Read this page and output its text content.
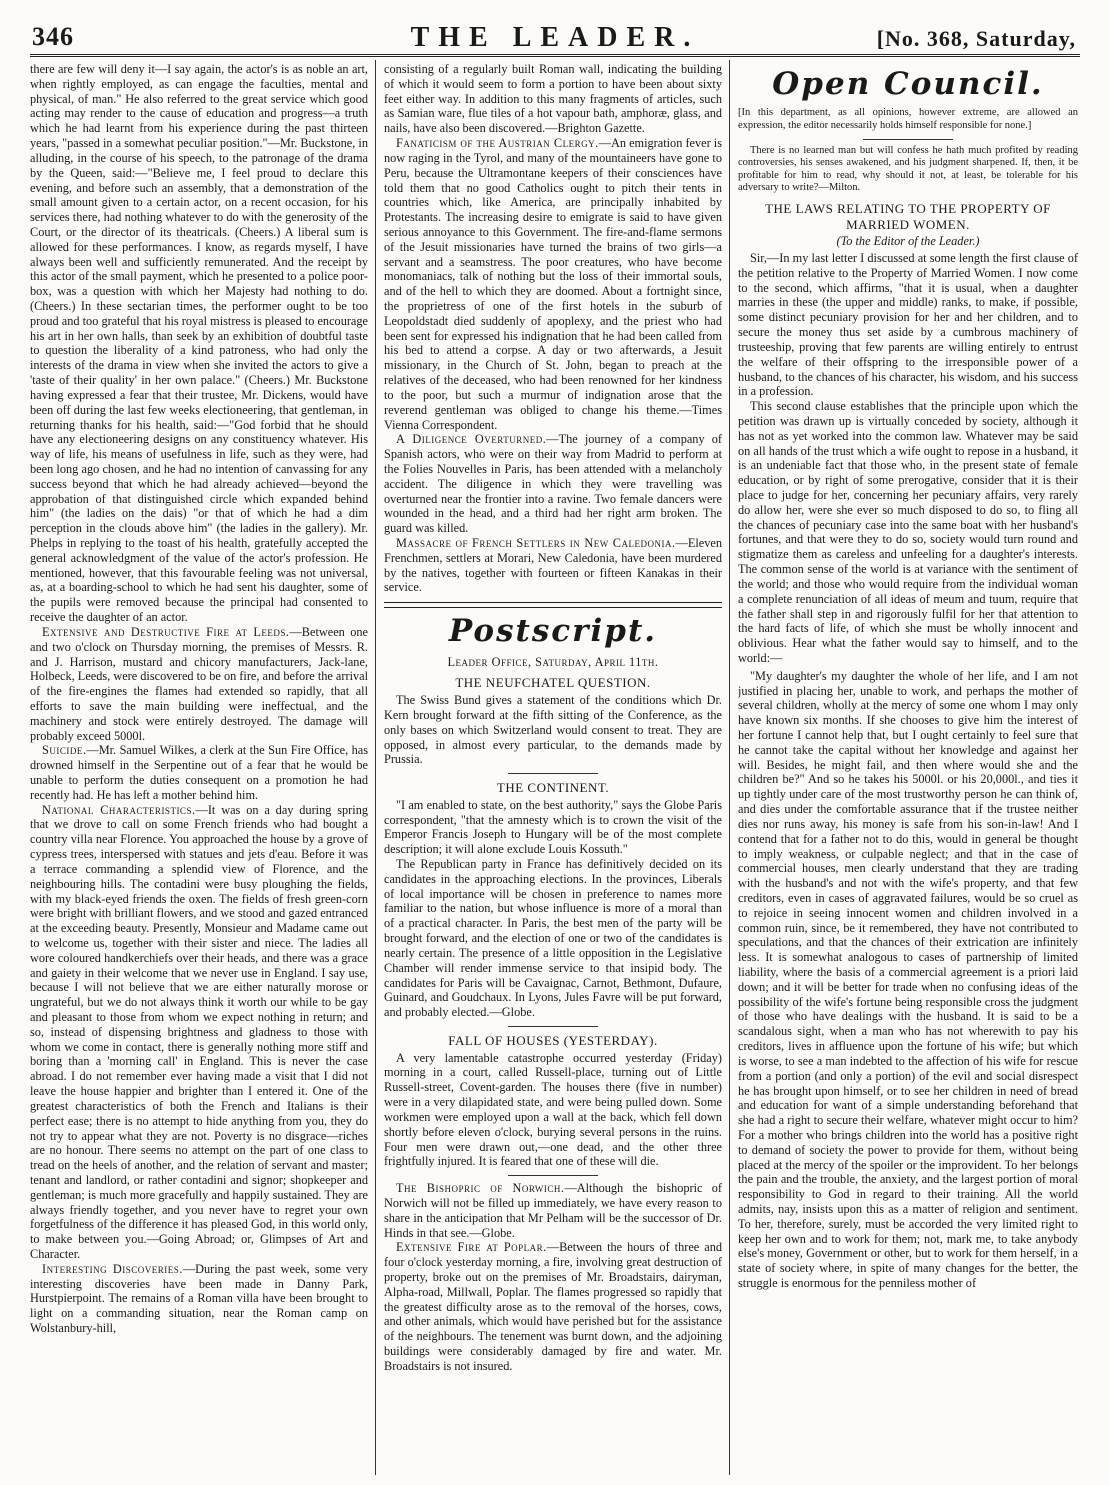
346	THE LEADER.	[No. 368, Saturday,

there are few will deny it—I say again, the actor's is as noble an art, when rightly employed, as can engage the faculties, mental and physical, of man." He also referred to the great service which good acting may render to the cause of education and progress—a truth which he had learnt from his experience during the past thirteen years, "passed in a somewhat peculiar position."—Mr. Buckstone, in alluding, in the course of his speech, to the patronage of the drama by the Queen, said:—"Believe me, I feel proud to declare this evening, and before such an assembly, that a demonstration of the small amount given to a certain actor, on a recent occasion, for his services there, had nothing whatever to do with the generosity of the Court, or the director of its theatricals. (Cheers.) A liberal sum is allowed for these performances. I know, as regards myself, I have always been well and sufficiently remunerated. And the receipt by this actor of the small payment, which he presented to a police poor-box, was a question with which her Majesty had nothing to do. (Cheers.) In these sectarian times, the performer ought to be too proud and too grateful that his royal mistress is pleased to encourage his art in her own halls, than seek by an exhibition of doubtful taste to question the liberality of a kind patroness, who had only the interests of the drama in view when she invited the actors to give a 'taste of their quality' in her own palace." (Cheers.) Mr. Buckstone having expressed a fear that their trustee, Mr. Dickens, would have been off during the last few weeks electioneering, that gentleman, in returning thanks for his health, said:—"God forbid that he should have any electioneering designs on any constituency whatever. His way of life, his means of usefulness in life, such as they were, had been long ago chosen, and he had no intention of canvassing for any success beyond that which he had already achieved—beyond the approbation of that distinguished circle which expanded behind him" (the ladies on the dais) "or that of which he had a dim perception in the clouds above him" (the ladies in the gallery). Mr. Phelps in replying to the toast of his health, gratefully accepted the general acknowledgment of the value of the actor's profession. He mentioned, however, that this favourable feeling was not universal, as, at a boarding-school to which he had sent his daughter, some of the pupils were removed because the principal had consented to receive the daughter of an actor.

Extensive and Destructive Fire at Leeds.—Between one and two o'clock on Thursday morning, the premises of Messrs. R. and J. Harrison, mustard and chicory manufacturers, Jack-lane, Holbeck, Leeds, were discovered to be on fire, and before the arrival of the fire-engines the flames had extended so rapidly, that all efforts to save the main building were ineffectual, and the machinery and stock were entirely destroyed. The damage will probably exceed 5000l.

Suicide.—Mr. Samuel Wilkes, a clerk at the Sun Fire Office, has drowned himself in the Serpentine out of a fear that he would be unable to perform the duties consequent on a promotion he had recently had. He has left a mother behind him.

National Characteristics.—It was on a day during spring that we drove to call on some French friends who had bought a country villa near Florence. You approached the house by a grove of cypress trees, interspersed with statues and jets d'eau. Before it was a terrace commanding a splendid view of Florence, and the neighbouring hills. The contadini were busy ploughing the fields, with my black-eyed friends the oxen. The fields of fresh green-corn were bright with brilliant flowers, and we stood and gazed entranced at the exceeding beauty. Presently, Monsieur and Madame came out to welcome us, together with their sister and niece. The ladies all wore coloured handkerchiefs over their heads, and there was a grace and gaiety in their welcome that we never use in England. I say use, because I will not believe that we are either naturally morose or ungrateful, but we do not always think it worth our while to be gay and pleasant to those from whom we expect nothing in return; and so, instead of dispensing brightness and gladness to those with whom we come in contact, there is generally nothing more stiff and boring than a 'morning call' in England. This is never the case abroad. I do not remember ever having made a visit that I did not leave the house happier and brighter than I entered it. One of the greatest characteristics of both the French and Italians is their perfect ease; there is no attempt to hide anything from you, they do not try to appear what they are not. Poverty is no disgrace—riches are no honour. There seems no attempt on the part of one class to tread on the heels of another, and the relation of servant and master; tenant and landlord, or rather contadini and signor; shopkeeper and gentleman; is much more gracefully and happily sustained. They are always friendly together, and you never have to regret your own forgetfulness of the difference it has pleased God, in this world only, to make between you.—Going Abroad; or, Glimpses of Art and Character.

Interesting Discoveries.—During the past week, some very interesting discoveries have been made in Danny Park, Hurstpierpoint. The remains of a Roman villa have been brought to light on a commanding situation, near the Roman camp on Wolstanbury-hill,

consisting of a regularly built Roman wall, indicating the building of which it would seem to form a portion to have been about sixty feet either way. In addition to this many fragments of articles, such as Samian ware, flue tiles of a hot vapour bath, amphoræ, glass, and nails, have also been discovered.—Brighton Gazette.

Fanaticism of the Austrian Clergy.—An emigration fever is now raging in the Tyrol, and many of the mountaineers have gone to Peru, because the Ultramontane keepers of their consciences have told them that no good Catholics ought to pitch their tents in countries which, like America, are principally inhabited by Protestants. The increasing desire to emigrate is said to have given serious annoyance to this Government. The fire-and-flame sermons of the Jesuit missionaries have turned the brains of two girls—a servant and a seamstress. The poor creatures, who have become monomaniacs, talk of nothing but the loss of their immortal souls, and of the hell to which they are doomed. About a fortnight since, the proprietress of one of the first hotels in the suburb of Leopoldstadt died suddenly of apoplexy, and the priest who had been sent for expressed his indignation that he had been called from his bed to attend a corpse. A day or two afterwards, a Jesuit missionary, in the Church of St. John, began to preach at the relatives of the deceased, who had been renowned for her kindness to the poor, but such a murmur of indignation arose that the reverend gentleman was obliged to change his theme.—Times Vienna Correspondent.

A Diligence Overturned.—The journey of a company of Spanish actors, who were on their way from Madrid to perform at the Folies Nouvelles in Paris, has been attended with a melancholy accident. The diligence in which they were travelling was overturned near the frontier into a ravine. Two female dancers were wounded in the head, and a third had her right arm broken. The guard was killed.

Massacre of French Settlers in New Caledonia.—Eleven Frenchmen, settlers at Morari, New Caledonia, have been murdered by the natives, together with fourteen or fifteen Kanakas in their service.

Postscript.
Leader Office, Saturday, April 11th.
THE NEUFCHATEL QUESTION.

The Swiss Bund gives a statement of the conditions which Dr. Kern brought forward at the fifth sitting of the Conference, as the only bases on which Switzerland would consent to treat. They are opposed, in almost every particular, to the demands made by Prussia.

THE CONTINENT.

"I am enabled to state, on the best authority," says the Globe Paris correspondent, "that the amnesty which is to crown the visit of the Emperor Francis Joseph to Hungary will be of the most complete description; it will alone exclude Louis Kossuth."

The Republican party in France has definitively decided on its candidates in the approaching elections. In the provinces, Liberals of local importance will be chosen in preference to names more familiar to the nation, but whose influence is more of a moral than of a practical character. In Paris, the best men of the party will be brought forward, and the election of one or two of the candidates is nearly certain. The presence of a little opposition in the Legislative Chamber will render immense service to that insipid body. The candidates for Paris will be Cavaignac, Carnot, Bethmont, Dufaure, Guinard, and Goudchaux. In Lyons, Jules Favre will be put forward, and probably elected.—Globe.

FALL OF HOUSES (YESTERDAY).

A very lamentable catastrophe occurred yesterday (Friday) morning in a court, called Russell-place, turning out of Little Russell-street, Covent-garden. The houses there (five in number) were in a very dilapidated state, and were being pulled down. Some workmen were employed upon a wall at the back, which fell down shortly before eleven o'clock, burying several persons in the ruins. Four men were drawn out,—one dead, and the other three frightfully injured. It is feared that one of these will die.

The Bishopric of Norwich.—Although the bishopric of Norwich will not be filled up immediately, we have every reason to share in the anticipation that Mr Pelham will be the successor of Dr. Hinds in that see.—Globe.

Extensive Fire at Poplar.—Between the hours of three and four o'clock yesterday morning, a fire, involving great destruction of property, broke out on the premises of Mr. Broadstairs, dairyman, Alpha-road, Millwall, Poplar. The flames progressed so rapidly that the greatest difficulty arose as to the removal of the horses, cows, and other animals, which would have perished but for the assistance of the neighbours. The tenement was burnt down, and the adjoining buildings were considerably damaged by fire and water. Mr. Broadstairs is not insured.

Open Council.

[In this department, as all opinions, however extreme, are allowed an expression, the editor necessarily holds himself responsible for none.]

There is no learned man but will confess he hath much profited by reading controversies, his senses awakened, and his judgment sharpened. If, then, it be profitable for him to read, why should it not, at least, be tolerable for his adversary to write?—Milton.

THE LAWS RELATING TO THE PROPERTY OF MARRIED WOMEN.
(To the Editor of the Leader.)

Sir,—In my last letter I discussed at some length the first clause of the petition relative to the Property of Married Women. I now come to the second, which affirms, "that it is usual, when a daughter marries in these (the upper and middle) ranks, to make, if possible, some distinct pecuniary provision for her and her children, and to secure the money thus set aside by a cumbrous machinery of trusteeship, proving that few parents are willing entirely to entrust the welfare of their offspring to the irresponsible power of a husband, to the chances of his character, his wisdom, and his success in a profession.

This second clause establishes that the principle upon which the petition was drawn up is virtually conceded by society, although it has not as yet worked into the common law. Whatever may be said on all hands of the trust which a wife ought to repose in a husband, it is an undeniable fact that those who, in the present state of female education, or by right of some prerogative, consider that it is their place to judge for her, concerning her pecuniary affairs, very rarely do allow her, were she ever so much disposed to do so, to fling all the chances of pecuniary case into the same boat with her husband's fortunes, and that were they to do so, society would turn round and stigmatize them as careless and unfeeling for a daughter's interests. The common sense of the world is at variance with the sentiment of the world; and those who would require from the individual woman a complete renunciation of all ideas of meum and tuum, require that the father shall step in and rigorously fulfil for her that attention to the hard facts of life, of which she must be wholly innocent and oblivious. Hear what the father would say to himself, and to the world:—

"My daughter's my daughter the whole of her life, and I am not justified in placing her, unable to work, and perhaps the mother of several children, wholly at the mercy of some one whom I may only have known six months. If she chooses to give him the interest of her fortune I cannot help that, but I ought certainly to feel sure that he cannot take the capital without her knowledge and against her will. Besides, he might fail, and then where would she and the children be?" And so he takes his 5000l. or his 20,000l., and ties it up tightly under care of the most trustworthy person he can think of, and dies under the comfortable assurance that if the trustee neither dies nor runs away, his money is safe from his son-in-law! And I contend that for a father not to do this, would in general be thought to imply weakness, or culpable neglect; and that in the case of commercial houses, men clearly understand that they are trading with the husband's and not with the wife's property, and that few creditors, even in cases of aggravated failures, would be so cruel as to rejoice in seeing innocent women and children involved in a common ruin, since, be it remembered, they have not contributed to speculations, and that the chances of their extrication are infinitely less. It is somewhat analogous to cases of partnership of limited liability, where the basis of a commercial agreement is a priori laid down; and it will be better for trade when no confusing ideas of the possibility of the wife's fortune being responsible cross the judgment of those who have dealings with the husband. It is said to be a scandalous sight, when a man who has not wherewith to pay his creditors, lives in affluence upon the fortune of his wife; but which is worse, to see a man indebted to the affection of his wife for rescue from a portion (and only a portion) of the evil and social disrespect he has brought upon himself, or to see her children in need of bread and education for want of a simple understanding beforehand that she had a right to secure their welfare, whatever might occur to him? For a mother who brings children into the world has a positive right to demand of society the power to provide for them, without being placed at the mercy of the spoiler or the improvident. To her belongs the pain and the trouble, the anxiety, and the largest portion of moral responsibility to God in regard to their training. All the world admits, nay, insists upon this as a matter of religion and sentiment. To her, therefore, surely, must be accorded the very limited right to keep her own and to work for them; not, mark me, to take anybody else's money, Government or other, but to work for them herself, in a state of society where, in spite of many changes for the better, the struggle is enormous for the penniless mother of
